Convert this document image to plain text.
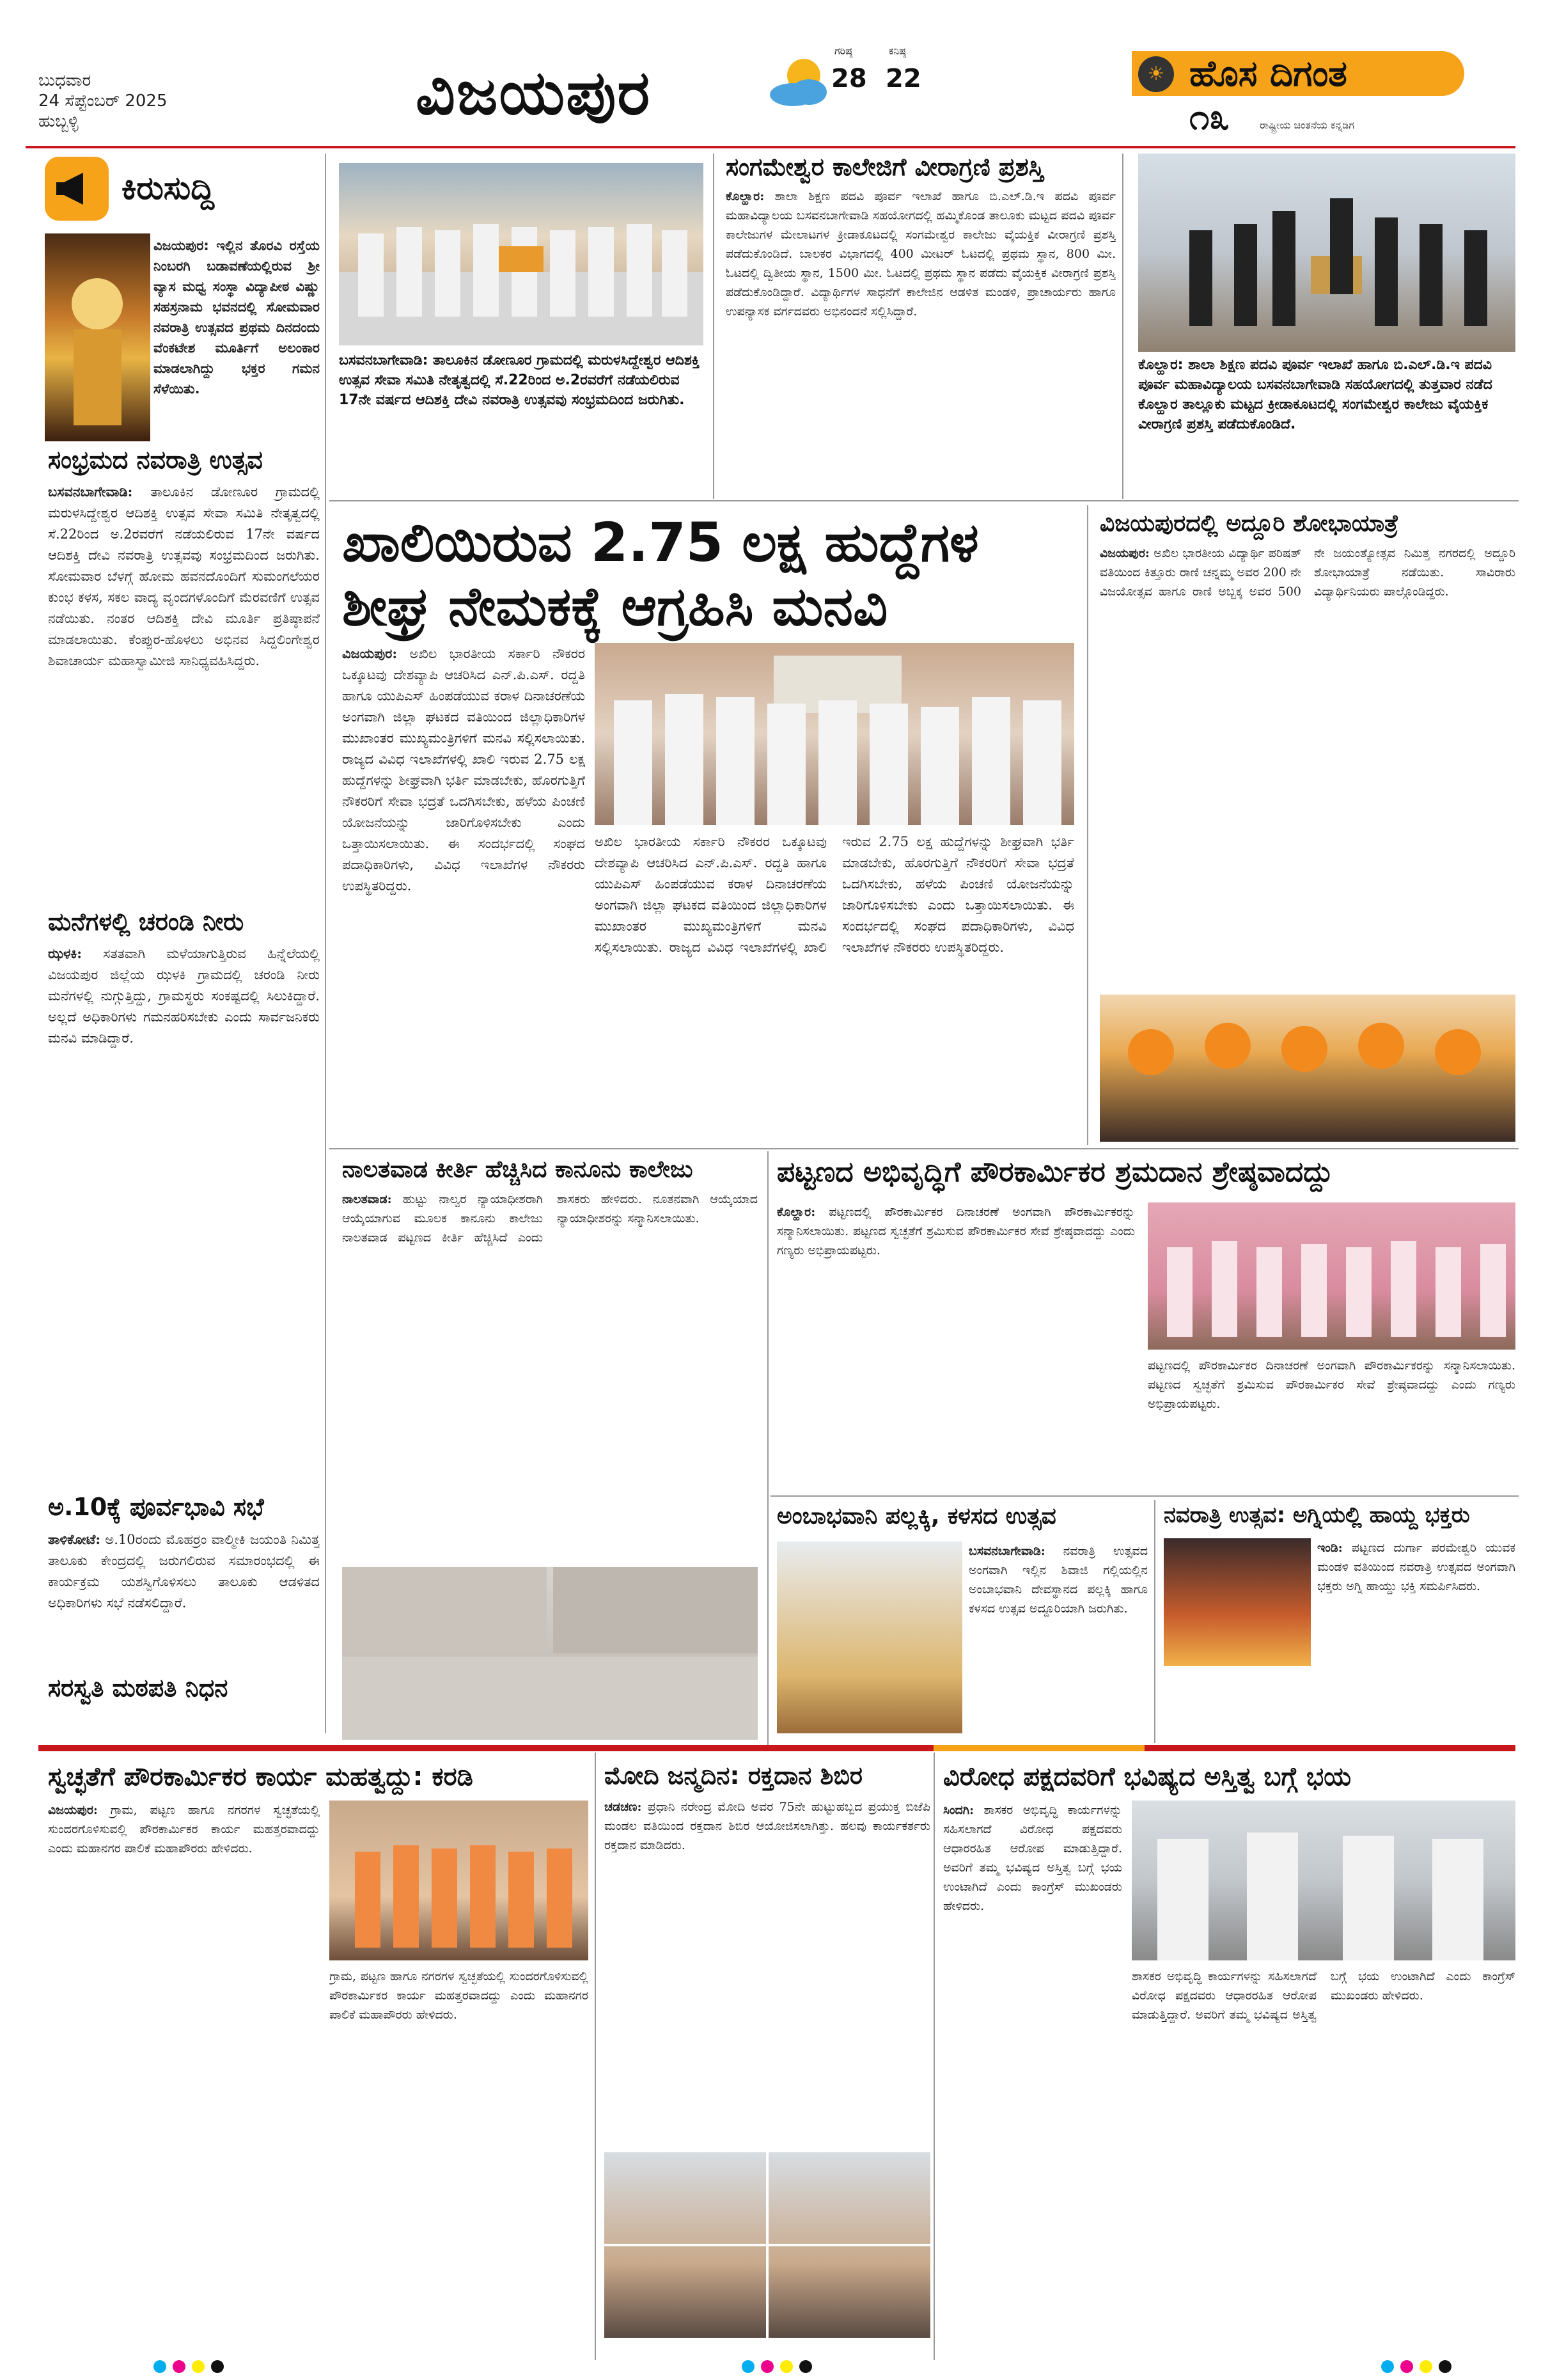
ಬುಧವಾರ
24 ಸೆಪ್ಟೆಂಬರ್ 2025
ಹುಬ್ಬಳ್ಳಿ	ವಿಜಯಪುರ
ಗರಿಷ್ಠ
28
ಕನಿಷ್ಠ
22	ಹೊಸ ದಿಗಂತ
☀
ರಾಷ್ಟ್ರೀಯ ಚಿಂತನೆಯ ಕನ್ನಡಿಗ
೧೩
ಕಿರುಸುದ್ದಿ
ವಿಜಯಪುರ: ಇಲ್ಲಿನ ತೊರವಿ ರಸ್ತೆಯ ನಿಂಬರಗಿ ಬಡಾವಣೆಯಲ್ಲಿರುವ ಶ್ರೀ ವ್ಯಾಸ ಮಧ್ವ ಸಂಸ್ಥಾ ವಿದ್ಯಾಪೀಠ ವಿಷ್ಣು ಸಹಸ್ರನಾಮ ಭವನದಲ್ಲಿ ಸೋಮವಾರ ನವರಾತ್ರಿ ಉತ್ಸವದ ಪ್ರಥಮ ದಿನದಂದು ವೆಂಕಟೇಶ ಮೂರ್ತಿಗೆ ಅಲಂಕಾರ ಮಾಡಲಾಗಿದ್ದು ಭಕ್ತರ ಗಮನ ಸೆಳೆಯಿತು.
ಸಂಭ್ರಮದ ನವರಾತ್ರಿ ಉತ್ಸವ
ಬಸವನಬಾಗೇವಾಡಿ: ತಾಲೂಕಿನ ಡೋಣೂರ ಗ್ರಾಮದಲ್ಲಿ ಮರುಳಸಿದ್ದೇಶ್ವರ ಆದಿಶಕ್ತಿ ಉತ್ಸವ ಸೇವಾ ಸಮಿತಿ ನೇತೃತ್ವದಲ್ಲಿ ಸೆ.22ರಿಂದ ಅ.2ರವರೆಗೆ ನಡೆಯಲಿರುವ 17ನೇ ವರ್ಷದ ಆದಿಶಕ್ತಿ ದೇವಿ ನವರಾತ್ರಿ ಉತ್ಸವವು ಸಂಭ್ರಮದಿಂದ ಜರುಗಿತು. ಸೋಮವಾರ ಬೆಳಗ್ಗೆ ಹೋಮ ಹವನದೊಂದಿಗೆ ಸುಮಂಗಲೆಯರ ಕುಂಭ ಕಳಸ, ಸಕಲ ವಾದ್ಯ ವೃಂದಗಳೊಂದಿಗೆ ಮೆರವಣಿಗೆ ಉತ್ಸವ ನಡೆಯಿತು. ನಂತರ ಆದಿಶಕ್ತಿ ದೇವಿ ಮೂರ್ತಿ ಪ್ರತಿಷ್ಠಾಪನೆ ಮಾಡಲಾಯಿತು. ಕೆಂಪ್ಪುರ-ಹೊಳಲು ಅಭಿನವ ಸಿದ್ದಲಿಂಗೇಶ್ವರ ಶಿವಾಚಾರ್ಯ ಮಹಾಸ್ವಾಮೀಜಿ ಸಾನಿಧ್ಯವಹಿಸಿದ್ದರು.
ಮನೆಗಳಲ್ಲಿ ಚರಂಡಿ ನೀರು
ಝಳಕಿ: ಸತತವಾಗಿ ಮಳೆಯಾಗುತ್ತಿರುವ ಹಿನ್ನೆಲೆಯಲ್ಲಿ ವಿಜಯಪುರ ಜಿಲ್ಲೆಯ ಝಳಕಿ ಗ್ರಾಮದಲ್ಲಿ ಚರಂಡಿ ನೀರು ಮನೆಗಳಲ್ಲಿ ನುಗ್ಗುತ್ತಿದ್ದು, ಗ್ರಾಮಸ್ಥರು ಸಂಕಷ್ಟದಲ್ಲಿ ಸಿಲುಕಿದ್ದಾರೆ. ಅಲ್ಲದೆ ಅಧಿಕಾರಿಗಳು ಗಮನಹರಿಸಬೇಕು ಎಂದು ಸಾರ್ವಜನಿಕರು ಮನವಿ ಮಾಡಿದ್ದಾರೆ.
ಅ.10ಕ್ಕೆ ಪೂರ್ವಭಾವಿ ಸಭೆ
ತಾಳಿಕೋಟೆ: ಅ.10ರಂದು ಮೊಹರ್ರಂ ವಾಲ್ಮೀಕಿ ಜಯಂತಿ ನಿಮಿತ್ತ ತಾಲೂಕು ಕೇಂದ್ರದಲ್ಲಿ ಜರುಗಲಿರುವ ಸಮಾರಂಭದಲ್ಲಿ ಈ ಕಾರ್ಯಕ್ರಮ ಯಶಸ್ವಿಗೊಳಿಸಲು ತಾಲೂಕು ಆಡಳಿತದ ಅಧಿಕಾರಿಗಳು ಸಭೆ ನಡೆಸಲಿದ್ದಾರೆ.
ಸರಸ್ವತಿ ಮಠಪತಿ ನಿಧನ
ಬಸವನಬಾಗೇವಾಡಿ: ತಾಲೂಕಿನ ಡೋಣೂರ ಗ್ರಾಮದಲ್ಲಿ ಮರುಳಸಿದ್ದೇಶ್ವರ ಆದಿಶಕ್ತಿ ಉತ್ಸವ ಸೇವಾ ಸಮಿತಿ ನೇತೃತ್ವದಲ್ಲಿ ಸೆ.22ರಿಂದ ಅ.2ರವರೆಗೆ ನಡೆಯಲಿರುವ 17ನೇ ವರ್ಷದ ಆದಿಶಕ್ತಿ ದೇವಿ ನವರಾತ್ರಿ ಉತ್ಸವವು ಸಂಭ್ರಮದಿಂದ ಜರುಗಿತು.
ಸಂಗಮೇಶ್ವರ ಕಾಲೇಜಿಗೆ ವೀರಾಗ್ರಣಿ ಪ್ರಶಸ್ತಿ
ಕೊಲ್ಹಾರ: ಶಾಲಾ ಶಿಕ್ಷಣ ಪದವಿ ಪೂರ್ವ ಇಲಾಖೆ ಹಾಗೂ ಬಿ.ಎಲ್.ಡಿ.ಇ ಪದವಿ ಪೂರ್ವ ಮಹಾವಿದ್ಯಾಲಯ ಬಸವನಬಾಗೇವಾಡಿ ಸಹಯೋಗದಲ್ಲಿ ಹಮ್ಮಿಕೊಂಡ ತಾಲೂಕು ಮಟ್ಟದ ಪದವಿ ಪೂರ್ವ ಕಾಲೇಜುಗಳ ಮೇಲಾಟಗಳ ಕ್ರೀಡಾಕೂಟದಲ್ಲಿ ಸಂಗಮೇಶ್ವರ ಕಾಲೇಜು ವೈಯಕ್ತಿಕ ವೀರಾಗ್ರಣಿ ಪ್ರಶಸ್ತಿ ಪಡೆದುಕೊಂಡಿದೆ. ಬಾಲಕರ ವಿಭಾಗದಲ್ಲಿ 400 ಮೀಟರ್ ಓಟದಲ್ಲಿ ಪ್ರಥಮ ಸ್ಥಾನ, 800 ಮೀ. ಓಟದಲ್ಲಿ ದ್ವಿತೀಯ ಸ್ಥಾನ, 1500 ಮೀ. ಓಟದಲ್ಲಿ ಪ್ರಥಮ ಸ್ಥಾನ ಪಡೆದು ವೈಯಕ್ತಿಕ ವೀರಾಗ್ರಣಿ ಪ್ರಶಸ್ತಿ ಪಡೆದುಕೊಂಡಿದ್ದಾರೆ. ವಿದ್ಯಾರ್ಥಿಗಳ ಸಾಧನೆಗೆ ಕಾಲೇಜಿನ ಆಡಳಿತ ಮಂಡಳಿ, ಪ್ರಾಚಾರ್ಯರು ಹಾಗೂ ಉಪನ್ಯಾಸಕ ವರ್ಗದವರು ಅಭಿನಂದನೆ ಸಲ್ಲಿಸಿದ್ದಾರೆ.
ಕೊಲ್ಹಾರ: ಶಾಲಾ ಶಿಕ್ಷಣ ಪದವಿ ಪೂರ್ವ ಇಲಾಖೆ ಹಾಗೂ ಬಿ.ಎಲ್.ಡಿ.ಇ ಪದವಿ ಪೂರ್ವ ಮಹಾವಿದ್ಯಾಲಯ ಬಸವನಬಾಗೇವಾಡಿ ಸಹಯೋಗದಲ್ಲಿ ತುತ್ತವಾರ ನಡೆದ ಕೊಲ್ಹಾರ ತಾಲ್ಲೂಕು ಮಟ್ಟದ ಕ್ರೀಡಾಕೂಟದಲ್ಲಿ ಸಂಗಮೇಶ್ವರ ಕಾಲೇಜು ವೈಯಕ್ತಿಕ ವೀರಾಗ್ರಣಿ ಪ್ರಶಸ್ತಿ ಪಡೆದುಕೊಂಡಿದೆ.
ಖಾಲಿಯಿರುವ 2.75 ಲಕ್ಷ ಹುದ್ದೆಗಳ
ಶೀಘ್ರ ನೇಮಕಕ್ಕೆ ಆಗ್ರಹಿಸಿ ಮನವಿ
ವಿಜಯಪುರ: ಅಖಿಲ ಭಾರತೀಯ ಸರ್ಕಾರಿ ನೌಕರರ ಒಕ್ಕೂಟವು ದೇಶವ್ಯಾಪಿ ಆಚರಿಸಿದ ಎನ್.ಪಿ.ಎಸ್. ರದ್ದತಿ ಹಾಗೂ ಯುಪಿಎಸ್ ಹಿಂಪಡೆಯುವ ಕರಾಳ ದಿನಾಚರಣೆಯ ಅಂಗವಾಗಿ ಜಿಲ್ಲಾ ಘಟಕದ ವತಿಯಿಂದ ಜಿಲ್ಲಾಧಿಕಾರಿಗಳ ಮುಖಾಂತರ ಮುಖ್ಯಮಂತ್ರಿಗಳಿಗೆ ಮನವಿ ಸಲ್ಲಿಸಲಾಯಿತು. ರಾಜ್ಯದ ವಿವಿಧ ಇಲಾಖೆಗಳಲ್ಲಿ ಖಾಲಿ ಇರುವ 2.75 ಲಕ್ಷ ಹುದ್ದೆಗಳನ್ನು ಶೀಘ್ರವಾಗಿ ಭರ್ತಿ ಮಾಡಬೇಕು, ಹೊರಗುತ್ತಿಗೆ ನೌಕರರಿಗೆ ಸೇವಾ ಭದ್ರತೆ ಒದಗಿಸಬೇಕು, ಹಳೆಯ ಪಿಂಚಣಿ ಯೋಜನೆಯನ್ನು ಜಾರಿಗೊಳಿಸಬೇಕು ಎಂದು ಒತ್ತಾಯಿಸಲಾಯಿತು. ಈ ಸಂದರ್ಭದಲ್ಲಿ ಸಂಘದ ಪದಾಧಿಕಾರಿಗಳು, ವಿವಿಧ ಇಲಾಖೆಗಳ ನೌಕರರು ಉಪಸ್ಥಿತರಿದ್ದರು.
ಅಖಿಲ ಭಾರತೀಯ ಸರ್ಕಾರಿ ನೌಕರರ ಒಕ್ಕೂಟವು ದೇಶವ್ಯಾಪಿ ಆಚರಿಸಿದ ಎನ್.ಪಿ.ಎಸ್. ರದ್ದತಿ ಹಾಗೂ ಯುಪಿಎಸ್ ಹಿಂಪಡೆಯುವ ಕರಾಳ ದಿನಾಚರಣೆಯ ಅಂಗವಾಗಿ ಜಿಲ್ಲಾ ಘಟಕದ ವತಿಯಿಂದ ಜಿಲ್ಲಾಧಿಕಾರಿಗಳ ಮುಖಾಂತರ ಮುಖ್ಯಮಂತ್ರಿಗಳಿಗೆ ಮನವಿ ಸಲ್ಲಿಸಲಾಯಿತು. ರಾಜ್ಯದ ವಿವಿಧ ಇಲಾಖೆಗಳಲ್ಲಿ ಖಾಲಿ ಇರುವ 2.75 ಲಕ್ಷ ಹುದ್ದೆಗಳನ್ನು ಶೀಘ್ರವಾಗಿ ಭರ್ತಿ ಮಾಡಬೇಕು, ಹೊರಗುತ್ತಿಗೆ ನೌಕರರಿಗೆ ಸೇವಾ ಭದ್ರತೆ ಒದಗಿಸಬೇಕು, ಹಳೆಯ ಪಿಂಚಣಿ ಯೋಜನೆಯನ್ನು ಜಾರಿಗೊಳಿಸಬೇಕು ಎಂದು ಒತ್ತಾಯಿಸಲಾಯಿತು. ಈ ಸಂದರ್ಭದಲ್ಲಿ ಸಂಘದ ಪದಾಧಿಕಾರಿಗಳು, ವಿವಿಧ ಇಲಾಖೆಗಳ ನೌಕರರು ಉಪಸ್ಥಿತರಿದ್ದರು.
ವಿಜಯಪುರದಲ್ಲಿ ಅದ್ದೂರಿ ಶೋಭಾಯಾತ್ರೆ
ವಿಜಯಪುರ: ಅಖಿಲ ಭಾರತೀಯ ವಿದ್ಯಾರ್ಥಿ ಪರಿಷತ್ ವತಿಯಿಂದ ಕಿತ್ತೂರು ರಾಣಿ ಚನ್ನಮ್ಮ ಅವರ 200 ನೇ ವಿಜಯೋತ್ಸವ ಹಾಗೂ ರಾಣಿ ಅಬ್ಬಕ್ಕ ಅವರ 500 ನೇ ಜಯಂತ್ಯೋತ್ಸವ ನಿಮಿತ್ತ ನಗರದಲ್ಲಿ ಅದ್ದೂರಿ ಶೋಭಾಯಾತ್ರೆ ನಡೆಯಿತು. ಸಾವಿರಾರು ವಿದ್ಯಾರ್ಥಿನಿಯರು ಪಾಲ್ಗೊಂಡಿದ್ದರು.
ನಾಲತವಾಡ ಕೀರ್ತಿ ಹೆಚ್ಚಿಸಿದ ಕಾನೂನು ಕಾಲೇಜು
ನಾಲತವಾಡ: ಹುಟ್ಟು ನಾಲ್ವರ ನ್ಯಾಯಾಧೀಶರಾಗಿ ಆಯ್ಕೆಯಾಗುವ ಮೂಲಕ ಕಾನೂನು ಕಾಲೇಜು ನಾಲತವಾಡ ಪಟ್ಟಣದ ಕೀರ್ತಿ ಹೆಚ್ಚಿಸಿದೆ ಎಂದು ಶಾಸಕರು ಹೇಳಿದರು. ನೂತನವಾಗಿ ಆಯ್ಕೆಯಾದ ನ್ಯಾಯಾಧೀಶರನ್ನು ಸನ್ಮಾನಿಸಲಾಯಿತು.
ಪಟ್ಟಣದ ಅಭಿವೃದ್ಧಿಗೆ ಪೌರಕಾರ್ಮಿಕರ ಶ್ರಮದಾನ ಶ್ರೇಷ್ಠವಾದದ್ದು
ಕೊಲ್ಹಾರ: ಪಟ್ಟಣದಲ್ಲಿ ಪೌರಕಾರ್ಮಿಕರ ದಿನಾಚರಣೆ ಅಂಗವಾಗಿ ಪೌರಕಾರ್ಮಿಕರನ್ನು ಸನ್ಮಾನಿಸಲಾಯಿತು. ಪಟ್ಟಣದ ಸ್ವಚ್ಛತೆಗೆ ಶ್ರಮಿಸುವ ಪೌರಕಾರ್ಮಿಕರ ಸೇವೆ ಶ್ರೇಷ್ಠವಾದದ್ದು ಎಂದು ಗಣ್ಯರು ಅಭಿಪ್ರಾಯಪಟ್ಟರು.
ಪಟ್ಟಣದಲ್ಲಿ ಪೌರಕಾರ್ಮಿಕರ ದಿನಾಚರಣೆ ಅಂಗವಾಗಿ ಪೌರಕಾರ್ಮಿಕರನ್ನು ಸನ್ಮಾನಿಸಲಾಯಿತು. ಪಟ್ಟಣದ ಸ್ವಚ್ಛತೆಗೆ ಶ್ರಮಿಸುವ ಪೌರಕಾರ್ಮಿಕರ ಸೇವೆ ಶ್ರೇಷ್ಠವಾದದ್ದು ಎಂದು ಗಣ್ಯರು ಅಭಿಪ್ರಾಯಪಟ್ಟರು.
ಅಂಬಾಭವಾನಿ ಪಲ್ಲಕ್ಕಿ, ಕಳಸದ ಉತ್ಸವ
ಬಸವನಬಾಗೇವಾಡಿ: ನವರಾತ್ರಿ ಉತ್ಸವದ ಅಂಗವಾಗಿ ಇಲ್ಲಿನ ಶಿವಾಜಿ ಗಲ್ಲಿಯಲ್ಲಿನ ಅಂಬಾಭವಾನಿ ದೇವಸ್ಥಾನದ ಪಲ್ಲಕ್ಕಿ ಹಾಗೂ ಕಳಸದ ಉತ್ಸವ ಅದ್ದೂರಿಯಾಗಿ ಜರುಗಿತು.
ನವರಾತ್ರಿ ಉತ್ಸವ: ಅಗ್ನಿಯಲ್ಲಿ ಹಾಯ್ದ ಭಕ್ತರು
ಇಂಡಿ: ಪಟ್ಟಣದ ದುರ್ಗಾ ಪರಮೇಶ್ವರಿ ಯುವಕ ಮಂಡಳಿ ವತಿಯಿಂದ ನವರಾತ್ರಿ ಉತ್ಸವದ ಅಂಗವಾಗಿ ಭಕ್ತರು ಅಗ್ನಿ ಹಾಯ್ದು ಭಕ್ತಿ ಸಮರ್ಪಿಸಿದರು.
ಸ್ವಚ್ಛತೆಗೆ ಪೌರಕಾರ್ಮಿಕರ ಕಾರ್ಯ ಮಹತ್ವದ್ದು: ಕರಡಿ
ವಿಜಯಪುರ: ಗ್ರಾಮ, ಪಟ್ಟಣ ಹಾಗೂ ನಗರಗಳ ಸ್ವಚ್ಛತೆಯಲ್ಲಿ ಸುಂದರಗೊಳಿಸುವಲ್ಲಿ ಪೌರಕಾರ್ಮಿಕರ ಕಾರ್ಯ ಮಹತ್ತರವಾದದ್ದು ಎಂದು ಮಹಾನಗರ ಪಾಲಿಕೆ ಮಹಾಪೌರರು ಹೇಳಿದರು.
ಗ್ರಾಮ, ಪಟ್ಟಣ ಹಾಗೂ ನಗರಗಳ ಸ್ವಚ್ಛತೆಯಲ್ಲಿ ಸುಂದರಗೊಳಿಸುವಲ್ಲಿ ಪೌರಕಾರ್ಮಿಕರ ಕಾರ್ಯ ಮಹತ್ತರವಾದದ್ದು ಎಂದು ಮಹಾನಗರ ಪಾಲಿಕೆ ಮಹಾಪೌರರು ಹೇಳಿದರು.
ಮೋದಿ ಜನ್ಮದಿನ: ರಕ್ತದಾನ ಶಿಬಿರ
ಚಡಚಣ: ಪ್ರಧಾನಿ ನರೇಂದ್ರ ಮೋದಿ ಅವರ 75ನೇ ಹುಟ್ಟುಹಬ್ಬದ ಪ್ರಯುಕ್ತ ಬಿಜೆಪಿ ಮಂಡಲ ವತಿಯಿಂದ ರಕ್ತದಾನ ಶಿಬಿರ ಆಯೋಜಿಸಲಾಗಿತ್ತು. ಹಲವು ಕಾರ್ಯಕರ್ತರು ರಕ್ತದಾನ ಮಾಡಿದರು.
ವಿರೋಧ ಪಕ್ಷದವರಿಗೆ ಭವಿಷ್ಯದ ಅಸ್ತಿತ್ವ ಬಗ್ಗೆ ಭಯ
ಸಿಂದಗಿ: ಶಾಸಕರ ಅಭಿವೃದ್ಧಿ ಕಾರ್ಯಗಳನ್ನು ಸಹಿಸಲಾಗದೆ ವಿರೋಧ ಪಕ್ಷದವರು ಆಧಾರರಹಿತ ಆರೋಪ ಮಾಡುತ್ತಿದ್ದಾರೆ. ಅವರಿಗೆ ತಮ್ಮ ಭವಿಷ್ಯದ ಅಸ್ತಿತ್ವ ಬಗ್ಗೆ ಭಯ ಉಂಟಾಗಿದೆ ಎಂದು ಕಾಂಗ್ರೆಸ್ ಮುಖಂಡರು ಹೇಳಿದರು.
ಶಾಸಕರ ಅಭಿವೃದ್ಧಿ ಕಾರ್ಯಗಳನ್ನು ಸಹಿಸಲಾಗದೆ ವಿರೋಧ ಪಕ್ಷದವರು ಆಧಾರರಹಿತ ಆರೋಪ ಮಾಡುತ್ತಿದ್ದಾರೆ. ಅವರಿಗೆ ತಮ್ಮ ಭವಿಷ್ಯದ ಅಸ್ತಿತ್ವ ಬಗ್ಗೆ ಭಯ ಉಂಟಾಗಿದೆ ಎಂದು ಕಾಂಗ್ರೆಸ್ ಮುಖಂಡರು ಹೇಳಿದರು.
